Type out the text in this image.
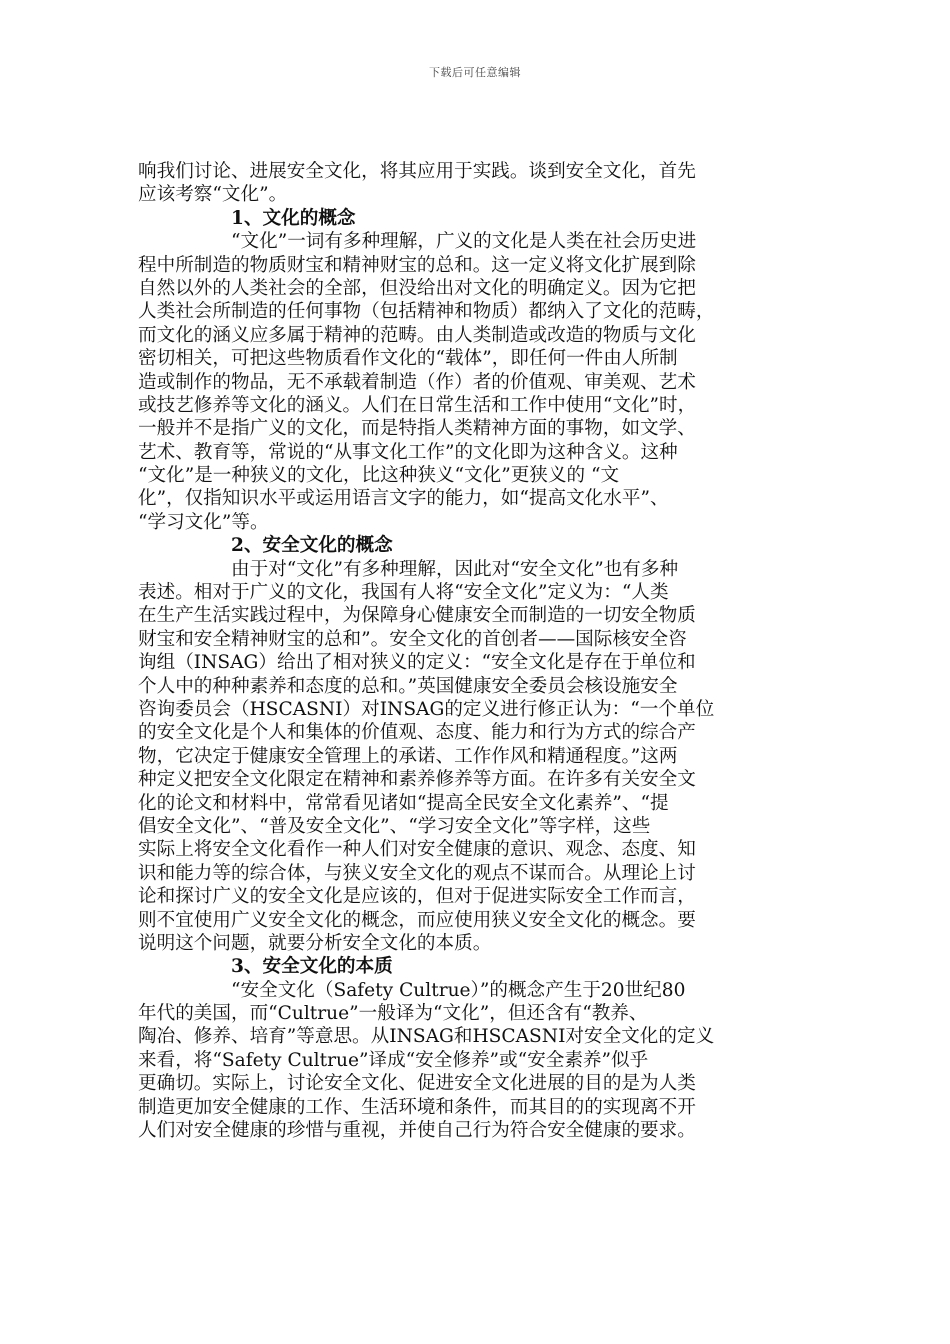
下载后可任意编辑
响我们讨论、进展安全文化，将其应用于实践。谈到安全文化，首先
应该考察“文化”。
1、文化的概念
“文化”一词有多种理解，广义的文化是人类在社会历史进
程中所制造的物质财宝和精神财宝的总和。这一定义将文化扩展到除
自然以外的人类社会的全部，但没给出对文化的明确定义。因为它把
人类社会所制造的任何事物（包括精神和物质）都纳入了文化的范畴，
而文化的涵义应多属于精神的范畴。由人类制造或改造的物质与文化
密切相关，可把这些物质看作文化的“载体”，即任何一件由人所制
造或制作的物品，无不承载着制造（作）者的价值观、审美观、艺术
或技艺修养等文化的涵义。人们在日常生活和工作中使用“文化”时，
一般并不是指广义的文化，而是特指人类精神方面的事物，如文学、
艺术、教育等，常说的“从事文化工作”的文化即为这种含义。这种
“文化”是一种狭义的文化，比这种狭义“文化”更狭义的 “文
化”，仅指知识水平或运用语言文字的能力，如“提高文化水平”、
“学习文化”等。
2、安全文化的概念
由于对“文化”有多种理解，因此对“安全文化”也有多种
表述。相对于广义的文化，我国有人将“安全文化”定义为：“人类
在生产生活实践过程中，为保障身心健康安全而制造的一切安全物质
财宝和安全精神财宝的总和”。安全文化的首创者——国际核安全咨
询组（INSAG）给出了相对狭义的定义：“安全文化是存在于单位和
个人中的种种素养和态度的总和。”英国健康安全委员会核设施安全
咨询委员会（HSCASNI）对INSAG的定义进行修正认为：“一个单位
的安全文化是个人和集体的价值观、态度、能力和行为方式的综合产
物，它决定于健康安全管理上的承诺、工作作风和精通程度。”这两
种定义把安全文化限定在精神和素养修养等方面。在许多有关安全文
化的论文和材料中，常常看见诸如“提高全民安全文化素养”、“提
倡安全文化”、“普及安全文化”、“学习安全文化”等字样，这些
实际上将安全文化看作一种人们对安全健康的意识、观念、态度、知
识和能力等的综合体，与狭义安全文化的观点不谋而合。从理论上讨
论和探讨广义的安全文化是应该的，但对于促进实际安全工作而言，
则不宜使用广义安全文化的概念，而应使用狭义安全文化的概念。要
说明这个问题，就要分析安全文化的本质。
3、安全文化的本质
“安全文化（Safety Cultrue）”的概念产生于20世纪80
年代的美国，而“Cultrue”一般译为“文化”，但还含有“教养、
陶冶、修养、培育”等意思。从INSAG和HSCASNI对安全文化的定义
来看，将“Safety Cultrue”译成“安全修养”或“安全素养”似乎
更确切。实际上，讨论安全文化、促进安全文化进展的目的是为人类
制造更加安全健康的工作、生活环境和条件，而其目的的实现离不开
人们对安全健康的珍惜与重视，并使自己行为符合安全健康的要求。
